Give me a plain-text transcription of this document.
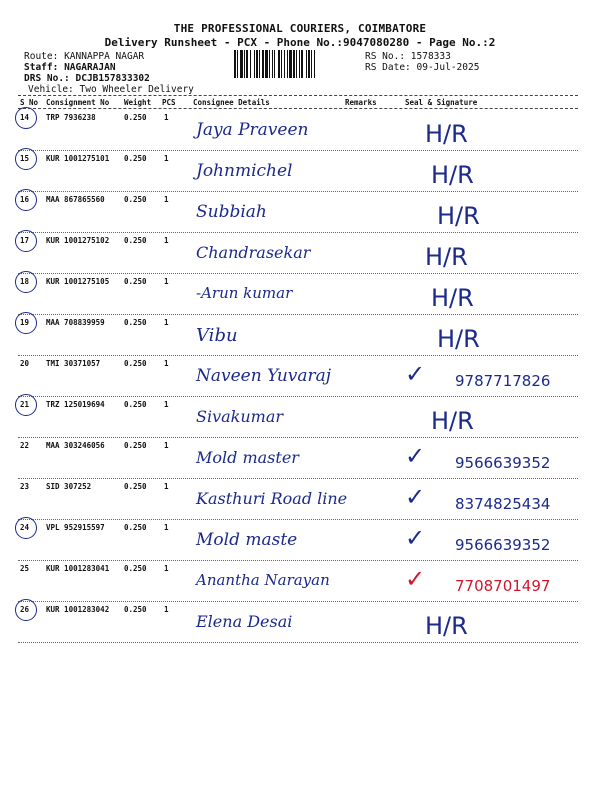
THE PROFESSIONAL COURIERS, COIMBATORE
Delivery Runsheet - PCX - Phone No.:9047080280 - Page No.:2
Route: KANNAPPA NAGAR
Staff: NAGARAJAN
DRS No.: DCJB157833302
Vehicle: Two Wheeler Delivery
RS No.: 1578333
RS Date: 09-Jul-2025
S No Consignment No Weight PCS Consignee Details	Remarks	Seal & Signature
14 TRP 7936238	0.250 1
Jaya Praveen	H/R
15 KUR 1001275101 0.250 1
Johnmichel	H/R
16 MAA 867865560	0.250 1
Subbiah	H/R
17 KUR 1001275102 0.250 1
Chandrasekar	H/R
18 KUR 1001275105 0.250 1
-Arun kumar	H/R
19 MAA 708839959	0.250 1
Vibu	H/R
20 TMI 30371057	0.250 1
Naveen Yuvaraj	✓ 9787717826
21 TRZ 125019694	0.250 1
Sivakumar	H/R
22 MAA 303246056	0.250 1
Mold master	✓ 9566639352
23 SID 307252	0.250 1
Kasthuri Road line ✓ 8374825434
24 VPL 952915597	0.250 1
Mold maste	✓ 9566639352
25 KUR 1001283041 0.250 1
Anantha Narayan	✓ 7708701497
26 KUR 1001283042 0.250 1
Elena Desai	H/R
